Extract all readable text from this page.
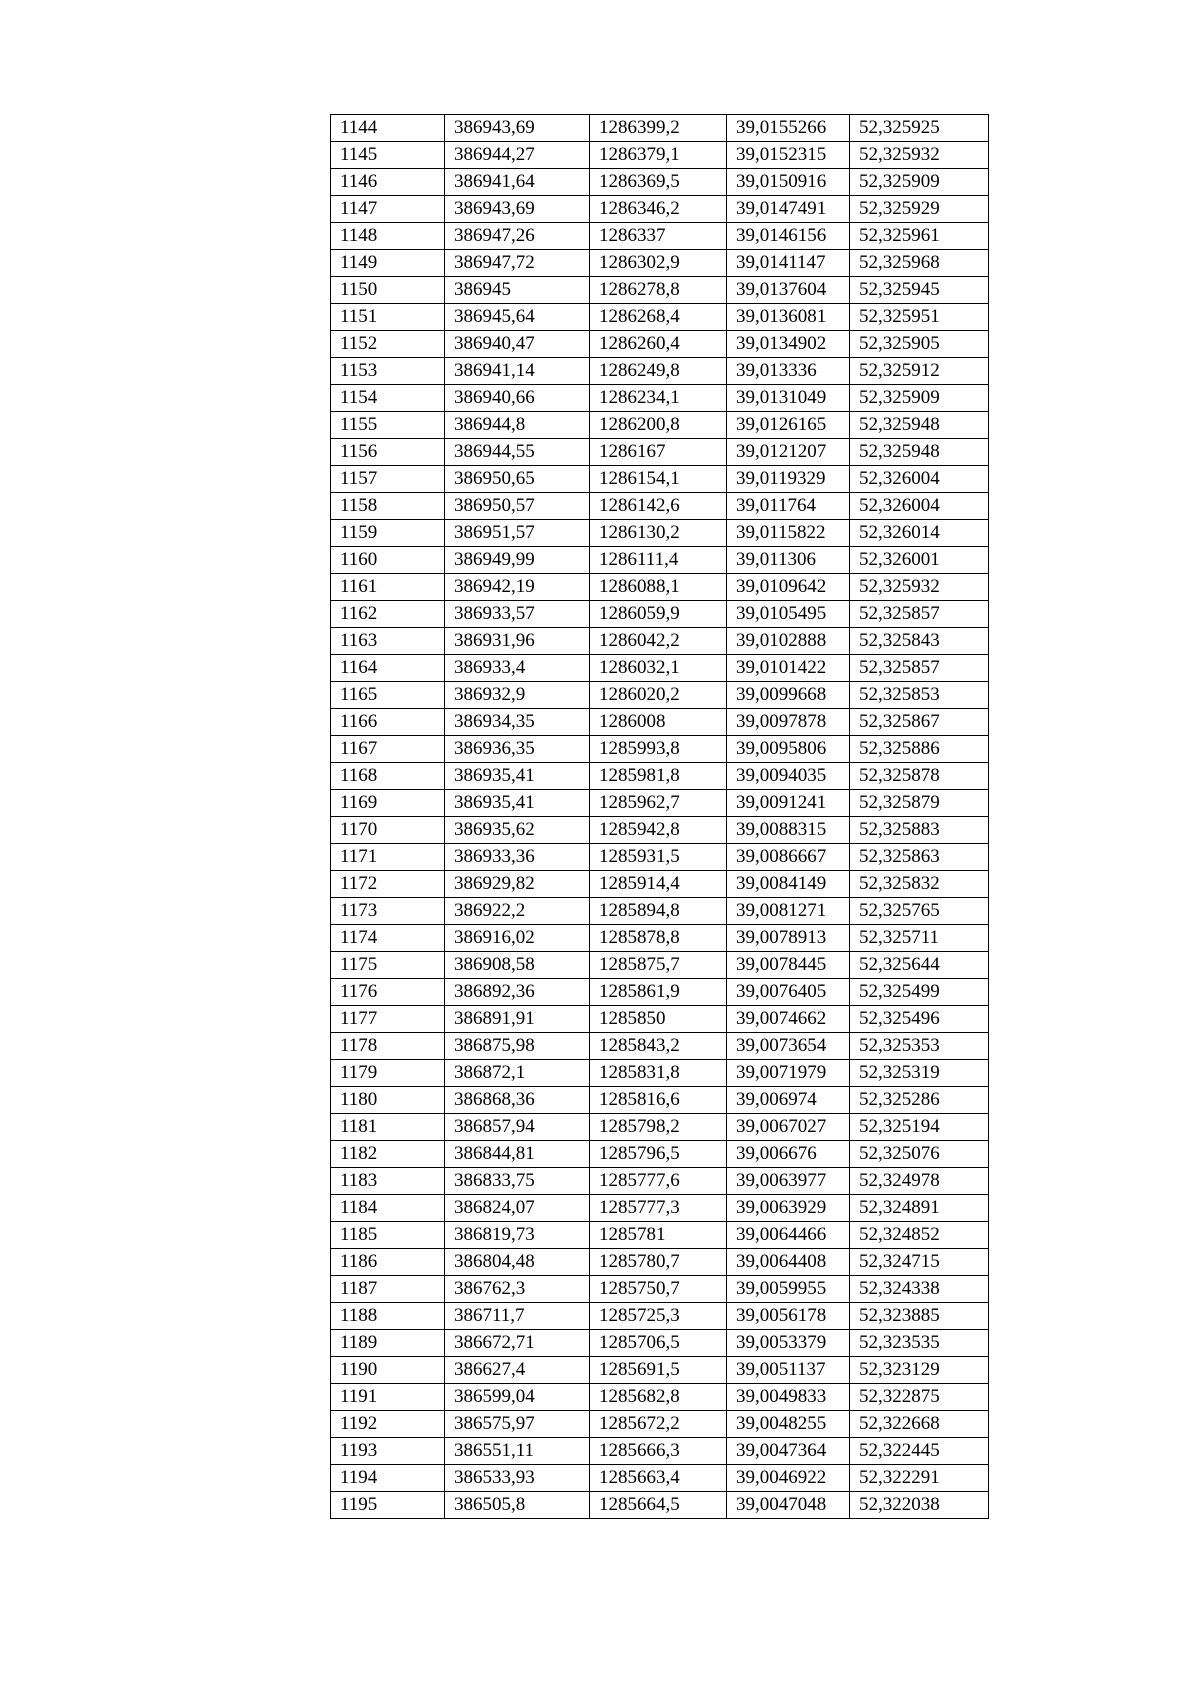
1144	386943,69	1286399,2	39,0155266	52,325925
1145	386944,27	1286379,1	39,0152315	52,325932
1146	386941,64	1286369,5	39,0150916	52,325909
1147	386943,69	1286346,2	39,0147491	52,325929
1148	386947,26	1286337	39,0146156	52,325961
1149	386947,72	1286302,9	39,0141147	52,325968
1150	386945	1286278,8	39,0137604	52,325945
1151	386945,64	1286268,4	39,0136081	52,325951
1152	386940,47	1286260,4	39,0134902	52,325905
1153	386941,14	1286249,8	39,013336	52,325912
1154	386940,66	1286234,1	39,0131049	52,325909
1155	386944,8	1286200,8	39,0126165	52,325948
1156	386944,55	1286167	39,0121207	52,325948
1157	386950,65	1286154,1	39,0119329	52,326004
1158	386950,57	1286142,6	39,011764	52,326004
1159	386951,57	1286130,2	39,0115822	52,326014
1160	386949,99	1286111,4	39,011306	52,326001
1161	386942,19	1286088,1	39,0109642	52,325932
1162	386933,57	1286059,9	39,0105495	52,325857
1163	386931,96	1286042,2	39,0102888	52,325843
1164	386933,4	1286032,1	39,0101422	52,325857
1165	386932,9	1286020,2	39,0099668	52,325853
1166	386934,35	1286008	39,0097878	52,325867
1167	386936,35	1285993,8	39,0095806	52,325886
1168	386935,41	1285981,8	39,0094035	52,325878
1169	386935,41	1285962,7	39,0091241	52,325879
1170	386935,62	1285942,8	39,0088315	52,325883
1171	386933,36	1285931,5	39,0086667	52,325863
1172	386929,82	1285914,4	39,0084149	52,325832
1173	386922,2	1285894,8	39,0081271	52,325765
1174	386916,02	1285878,8	39,0078913	52,325711
1175	386908,58	1285875,7	39,0078445	52,325644
1176	386892,36	1285861,9	39,0076405	52,325499
1177	386891,91	1285850	39,0074662	52,325496
1178	386875,98	1285843,2	39,0073654	52,325353
1179	386872,1	1285831,8	39,0071979	52,325319
1180	386868,36	1285816,6	39,006974	52,325286
1181	386857,94	1285798,2	39,0067027	52,325194
1182	386844,81	1285796,5	39,006676	52,325076
1183	386833,75	1285777,6	39,0063977	52,324978
1184	386824,07	1285777,3	39,0063929	52,324891
1185	386819,73	1285781	39,0064466	52,324852
1186	386804,48	1285780,7	39,0064408	52,324715
1187	386762,3	1285750,7	39,0059955	52,324338
1188	386711,7	1285725,3	39,0056178	52,323885
1189	386672,71	1285706,5	39,0053379	52,323535
1190	386627,4	1285691,5	39,0051137	52,323129
1191	386599,04	1285682,8	39,0049833	52,322875
1192	386575,97	1285672,2	39,0048255	52,322668
1193	386551,11	1285666,3	39,0047364	52,322445
1194	386533,93	1285663,4	39,0046922	52,322291
1195	386505,8	1285664,5	39,0047048	52,322038
